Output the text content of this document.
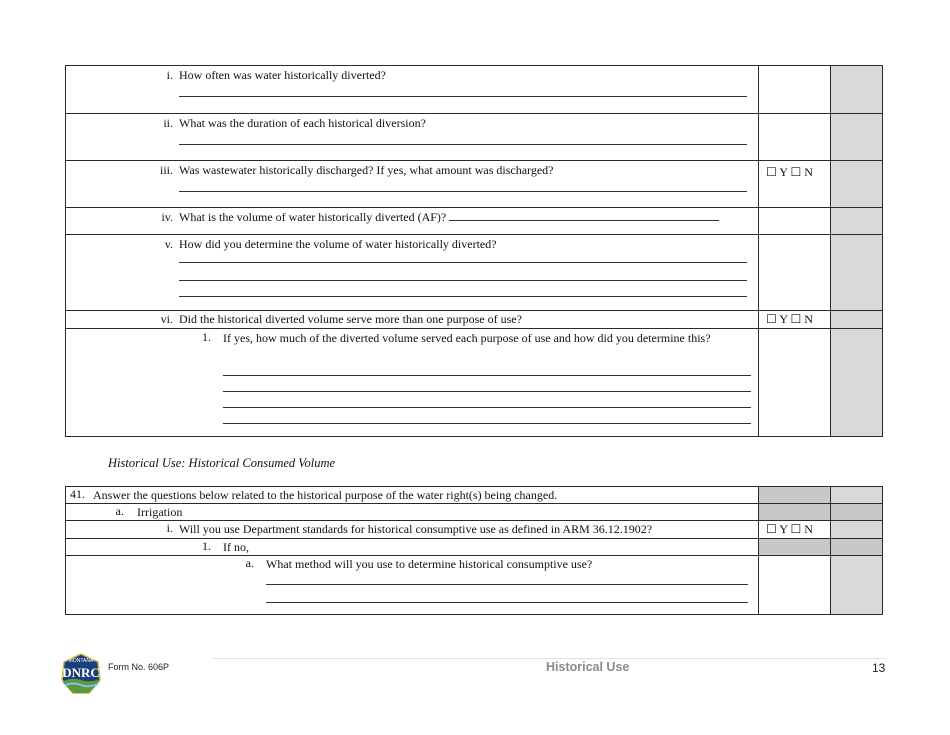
i. How often was water historically diverted?		

ii. What was the duration of each historical diversion?		

iii. Was wastewater historically discharged? If yes, what amount was discharged?	☐ Y ☐ N	

iv. What is the volume of water historically diverted (AF)?		

v. How did you determine the volume of water historically diverted?		

vi. Did the historical diverted volume serve more than one purpose of use?	☐ Y ☐ N	

1. If yes, how much of the diverted volume served each purpose of use and how did you determine this?		

Historical Use: Historical Consumed Volume
41. Answer the questions below related to the historical purpose of the water right(s) being changed.		

a. Irrigation		

i. Will you use Department standards for historical consumptive use as defined in ARM 36.12.1902?	☐ Y ☐ N	

1. If no,		

a. What method will you use to determine historical consumptive use?		

MONTANA
DNRC Form No. 606P	Historical Use	13
